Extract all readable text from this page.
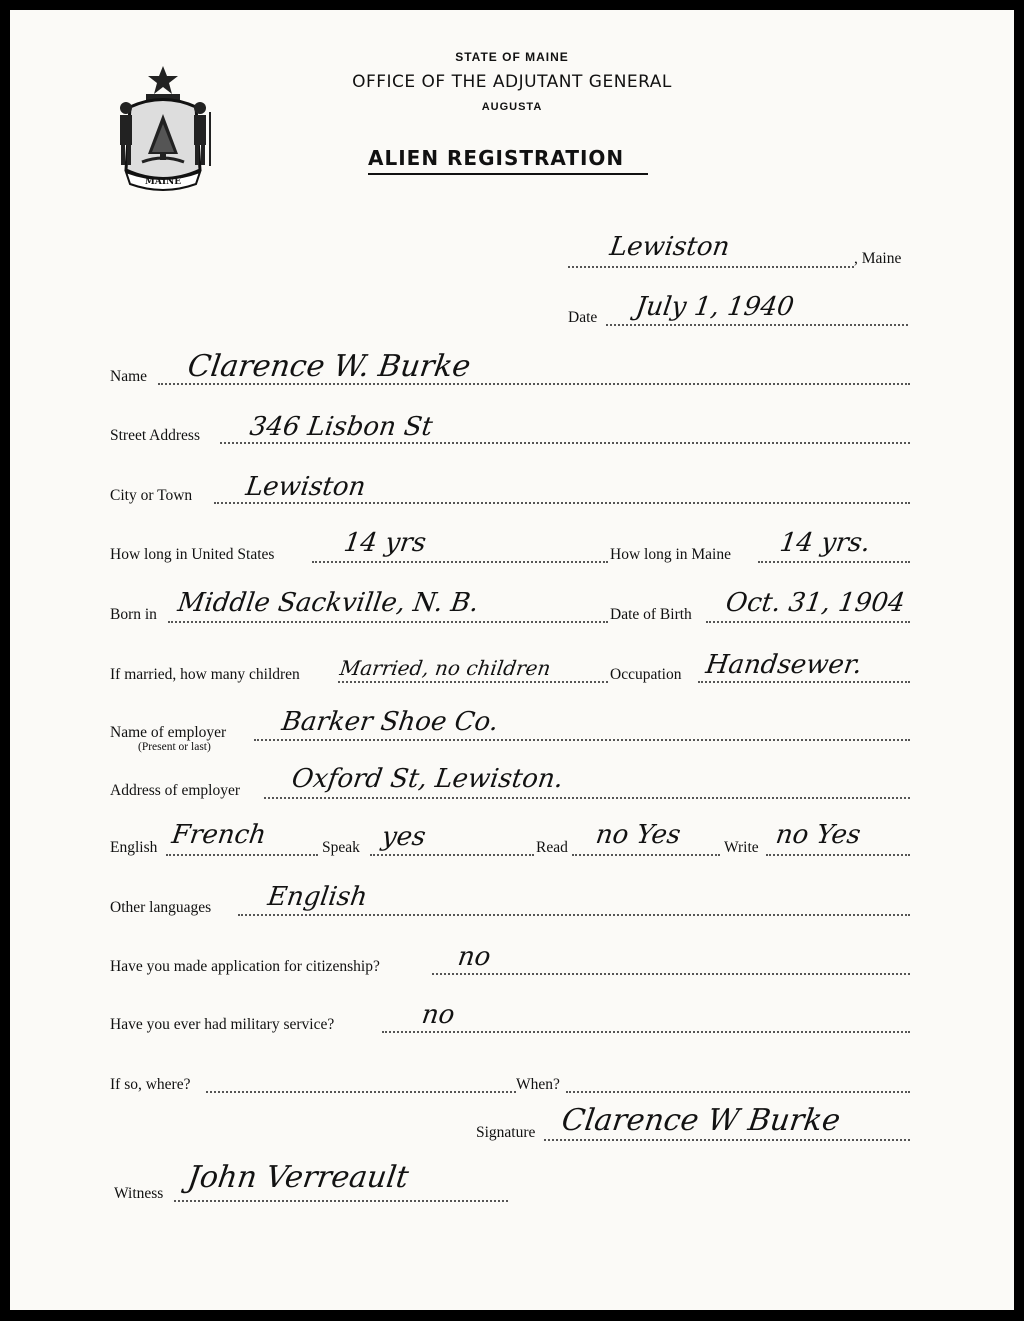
MAINE
STATE OF MAINE
OFFICE OF THE ADJUTANT GENERAL
AUGUSTA
ALIEN REGISTRATION
Lewiston	, Maine
Date July 1, 1940
Name Clarence W. Burke
Street Address 346 Lisbon St
City or Town Lewiston
How long in United States	14 yrs	How long in Maine 14 yrs.
Born in Middle Sackville, N. B.	Date of Birth Oct. 31, 1904
If married, how many children Married, no children	Occupation Handsewer.
Name of employer
(Present or last)
Barker Shoe Co.
Address of employer Oxford St, Lewiston.
English French	Speak yes	Read no Yes	Write no Yes
Other languages English
Have you made application for citizenship?	no
Have you ever had military service?	no
If so, where?	When?
Signature Clarence W Burke
Witness John Verreault
